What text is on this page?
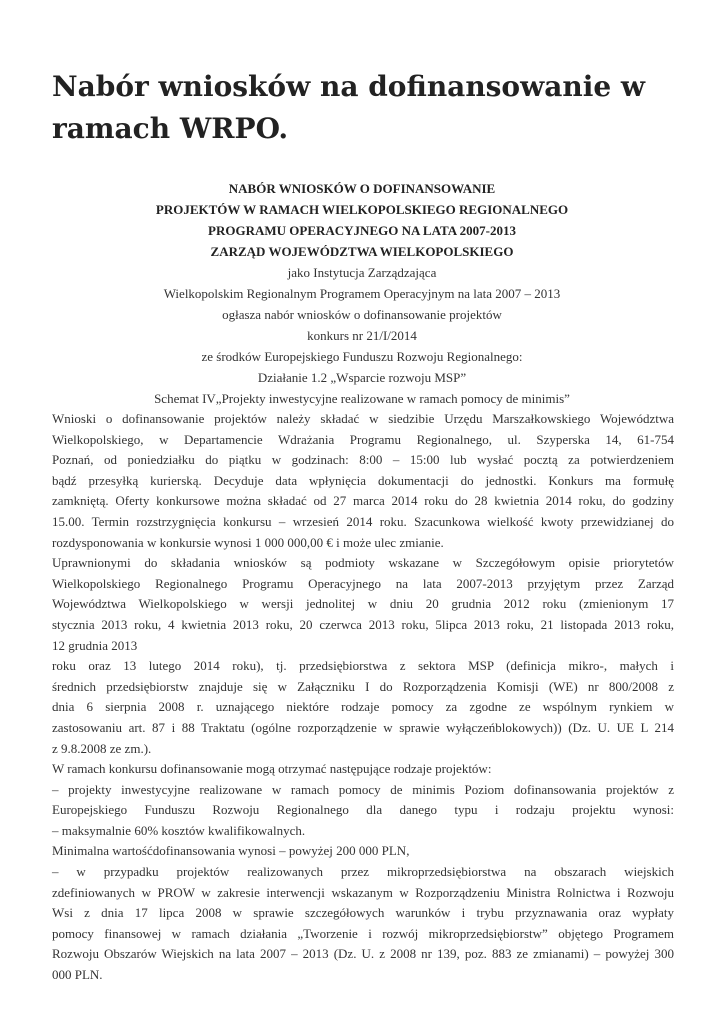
Nabór wniosków na dofinansowanie w
ramach WRPO.
NABÓR WNIOSKÓW O DOFINANSOWANIE
PROJEKTÓW W RAMACH WIELKOPOLSKIEGO REGIONALNEGO
PROGRAMU OPERACYJNEGO NA LATA 2007-2013
ZARZĄD WOJEWÓDZTWA WIELKOPOLSKIEGO
jako Instytucja Zarządzająca
Wielkopolskim Regionalnym Programem Operacyjnym na lata 2007 – 2013
ogłasza nabór wniosków o dofinansowanie projektów
konkurs nr 21/I/2014
ze środków Europejskiego Funduszu Rozwoju Regionalnego:
Działanie 1.2 „Wsparcie rozwoju MSP”
Schemat IV„Projekty inwestycyjne realizowane w ramach pomocy de minimis”
Wnioski o dofinansowanie projektów należy składać w siedzibie Urzędu Marszałkowskiego Województwa
Wielkopolskiego, w Departamencie Wdrażania Programu Regionalnego, ul. Szyperska 14, 61-754
Poznań, od poniedziałku do piątku w godzinach: 8:00 – 15:00 lub wysłać pocztą za potwierdzeniem
bądź przesyłką kurierską. Decyduje data wpłynięcia dokumentacji do jednostki. Konkurs ma formułę
zamkniętą. Oferty konkursowe można składać od 27 marca 2014 roku do 28 kwietnia 2014 roku, do godziny
15.00. Termin rozstrzygnięcia konkursu – wrzesień 2014 roku. Szacunkowa wielkość kwoty przewidzianej do
rozdysponowania w konkursie wynosi 1 000 000,00 € i może ulec zmianie.
Uprawnionymi do składania wniosków są podmioty wskazane w Szczegółowym opisie priorytetów
Wielkopolskiego Regionalnego Programu Operacyjnego na lata 2007-2013 przyjętym przez Zarząd
Województwa Wielkopolskiego w wersji jednolitej w dniu 20 grudnia 2012 roku (zmienionym 17
stycznia 2013 roku, 4 kwietnia 2013 roku, 20 czerwca 2013 roku, 5lipca 2013 roku, 21 listopada 2013 roku,
12 grudnia 2013
roku oraz 13 lutego 2014 roku), tj. przedsiębiorstwa z sektora MSP (definicja mikro-, małych i
średnich przedsiębiorstw znajduje się w Załączniku I do Rozporządzenia Komisji (WE) nr 800/2008 z
dnia 6 sierpnia 2008 r. uznającego niektóre rodzaje pomocy za zgodne ze wspólnym rynkiem w
zastosowaniu art. 87 i 88 Traktatu (ogólne rozporządzenie w sprawie wyłączeńblokowych)) (Dz. U. UE L 214
z 9.8.2008 ze zm.).
W ramach konkursu dofinansowanie mogą otrzymać następujące rodzaje projektów:
– projekty inwestycyjne realizowane w ramach pomocy de minimis Poziom dofinansowania projektów z
Europejskiego Funduszu Rozwoju Regionalnego dla danego typu i rodzaju projektu wynosi:
– maksymalnie 60% kosztów kwalifikowalnych.
Minimalna wartośćdofinansowania wynosi – powyżej 200 000 PLN,
– w przypadku projektów realizowanych przez mikroprzedsiębiorstwa na obszarach wiejskich
zdefiniowanych w PROW w zakresie interwencji wskazanym w Rozporządzeniu Ministra Rolnictwa i Rozwoju
Wsi z dnia 17 lipca 2008 w sprawie szczegółowych warunków i trybu przyznawania oraz wypłaty
pomocy finansowej w ramach działania „Tworzenie i rozwój mikroprzedsiębiorstw” objętego Programem
Rozwoju Obszarów Wiejskich na lata 2007 – 2013 (Dz. U. z 2008 nr 139, poz. 883 ze zmianami) – powyżej 300
000 PLN.
